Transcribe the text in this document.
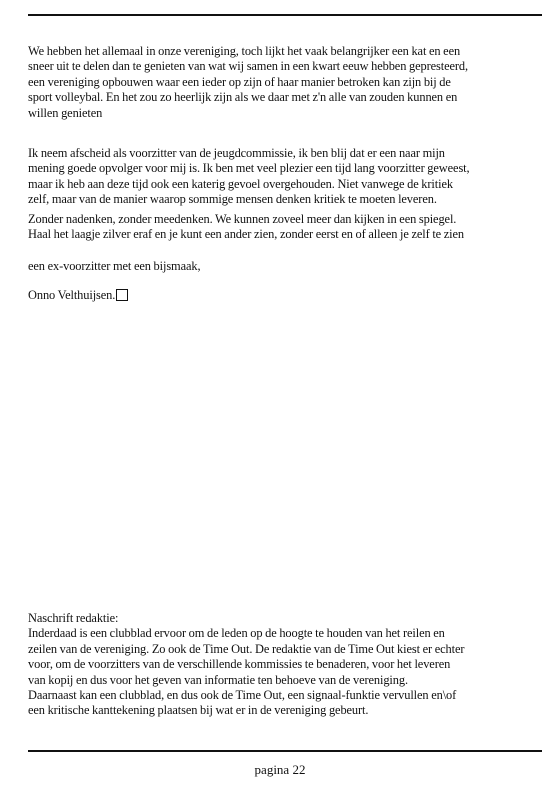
We hebben het allemaal in onze vereniging, toch lijkt het vaak belangrijker een kat en een
sneer uit te delen dan te genieten van wat wij samen in een kwart eeuw hebben gepresteerd,
een vereniging opbouwen waar een ieder op zijn of haar manier betroken kan zijn bij de
sport volleybal. En het zou zo heerlijk zijn als we daar met z'n alle van zouden kunnen en
willen genieten

Ik neem afscheid als voorzitter van de jeugdcommissie, ik ben blij dat er een naar mijn
mening goede opvolger voor mij is. Ik ben met veel plezier een tijd lang voorzitter geweest,
maar ik heb aan deze tijd ook een katerig gevoel overgehouden. Niet vanwege de kritiek
zelf, maar van de manier waarop sommige mensen denken kritiek te moeten leveren.

Zonder nadenken, zonder meedenken. We kunnen zoveel meer dan kijken in een spiegel.
Haal het laagje zilver eraf en je kunt een ander zien, zonder eerst en of alleen je zelf te zien

een ex-voorzitter met een bijsmaak,

Onno Velthuijsen.

Naschrift redaktie:
Inderdaad is een clubblad ervoor om de leden op de hoogte te houden van het reilen en
zeilen van de vereniging. Zo ook de Time Out. De redaktie van de Time Out kiest er echter
voor, om de voorzitters van de verschillende kommissies te benaderen, voor het leveren
van kopij en dus voor het geven van informatie ten behoeve van de vereniging.
Daarnaast kan een clubblad, en dus ook de Time Out, een signaal-funktie vervullen en\of
een kritische kanttekening plaatsen bij wat er in de vereniging gebeurt.

pagina 22
